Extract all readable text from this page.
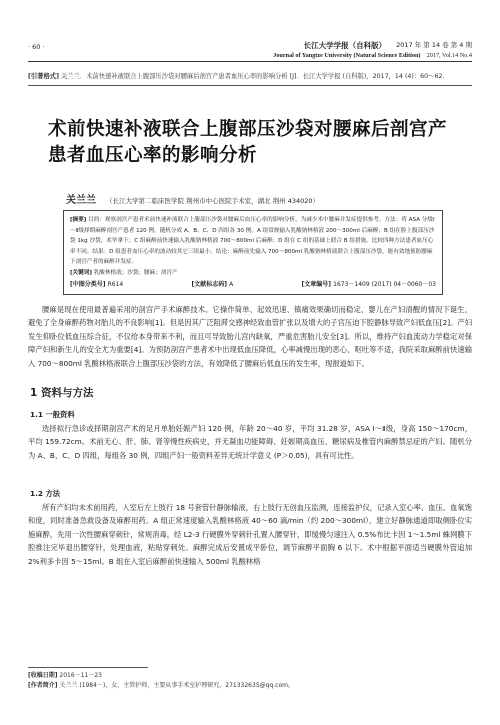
· 60 ·	长江大学学报（自科版） 2017 年 第 14 卷 第 4 期
Journal of Yangtze University (Natural Science Edition) 2017, Vol.14 No.4
[引著格式] 关兰兰．术前快速补液联合上腹部压沙袋对腰麻后剖宫产患者血压心率的影响分析 [J]．长江大学学报 (自科版)，2017，14 (4)：60～62.
术前快速补液联合上腹部压沙袋对腰麻后剖宫产患者血压心率的影响分析
关兰兰 （长江大学第二临床医学院 荆州市中心医院手术室，湖北 荆州 434020）
[摘要] 目的：观察剖宫产患者术前快速补液联合上腹部压沙袋对腰麻后血压心率的影响分析，为减少术中腰麻并发症提供参考。方法：将 ASA 分级Ⅰ～Ⅱ级择期麻醉剖宫产患者 120 例，随机分成 A、B、C、D 四组各 30 例。A 组常规输入乳酸钠林格液 200～300ml 后麻醉；B 组在脸上腹部压沙袋 1kg 沙袋，术毕拿下；C 组麻醉前快速输入乳酸钠林格液 700～800ml 后麻醉；D 组在 C 组的基础上联合 B 组措施。比较四种方法患者血压心率不同。结果：D 组患者血压心率的波动较其它三组最小。结论：麻醉前先输入 700～800ml 乳酸钠林格液联合上腹部压沙袋，能有效地预防腰麻下剖宫产者的麻醉并发症。
[关键词] 乳酸林格液；沙袋；腰麻；剖宫产
[中图分类号] R614	[文献标志码] A	[文章编号] 1673－1409 (2017) 04－0060－03

腰麻是现在使用最普遍采用的剖宫产手术麻醉技术。它操作简单、起效迅速、镇痛效果确切而稳定、婴儿在产妇清醒的情况下诞生，避免了全身麻醉药物对胎儿的不良影响[1]。但是因其广泛阻滞交感神经致血管扩张以及增大的子宫压迫下腔静脉导致产妇低血压[2]。产妇发生仰卧位低血压综合征，不仅给本身带来不利，而且可导致胎儿宫内缺氧，严重危害胎儿安全[3]。所以，维持产妇血流动力学稳定对保障产妇和新生儿的安全尤为重要[4]。为预防剖宫产患者术中出现低血压降低，心率减慢出现的恶心，呕吐等不适，我院采取麻醉前快速输入 700～800ml 乳酸林格液联合上腹部压沙袋的方法，有效降低了腰麻后低血压的发生率，现报道如下。

1 资料与方法
1.1 一般资料

选择拟行急诊或择期剖宫产术的足月单胎妊娠产妇 120 例，年龄 20～40 岁，平均 31.28 岁，ASA Ⅰ～Ⅱ级，身高 150～170cm，平均 159.72cm。术前无心、肝、肺、肾等慢性疾病史，并无凝血功能障碍、妊娠期高血压、糖尿病及椎管内麻醉禁忌症的产妇。随机分为 A、B、C、D 四组，每组各 30 例，四组产妇一般资料差异无统计学意义 (P＞0.05)，具有可比性。

1.2 方法

所有产妇均未术前用药，入室后左上肢行 18 号套管针静脉输液，右上肢行无创血压监测，连接监护仪，记录入室心率、血压、血氧饱和度，同时准备急救设备及麻醉用药。A 组正常速度输入乳酸林格液 40～60 滴/min（约 200～300ml），建立好静脉通道即取侧卧位实施麻醉，先用一次性腰麻穿刺针，常规消毒，经 L2-3 行硬膜外穿刺针孔置入腰穿针，即缓慢匀速注入 0.5%布比卡因 1～1.5ml 蛛网膜下腔推注完毕退出腰穿针，处理血液，粘贴穿刺处。麻醉完成后安置成平卧位，调节麻醉平面胸 6 以下。术中根据平面适当硬膜外管追加 2%利多卡因 5～15ml。B 组在入室后麻醉前快速输入 500ml 乳酸林格

[收稿日期] 2016－11－23
[作者简介] 关兰兰 (1984－)，女，主管护师，主要从事手术室护理研究，271332635@qq.com。
